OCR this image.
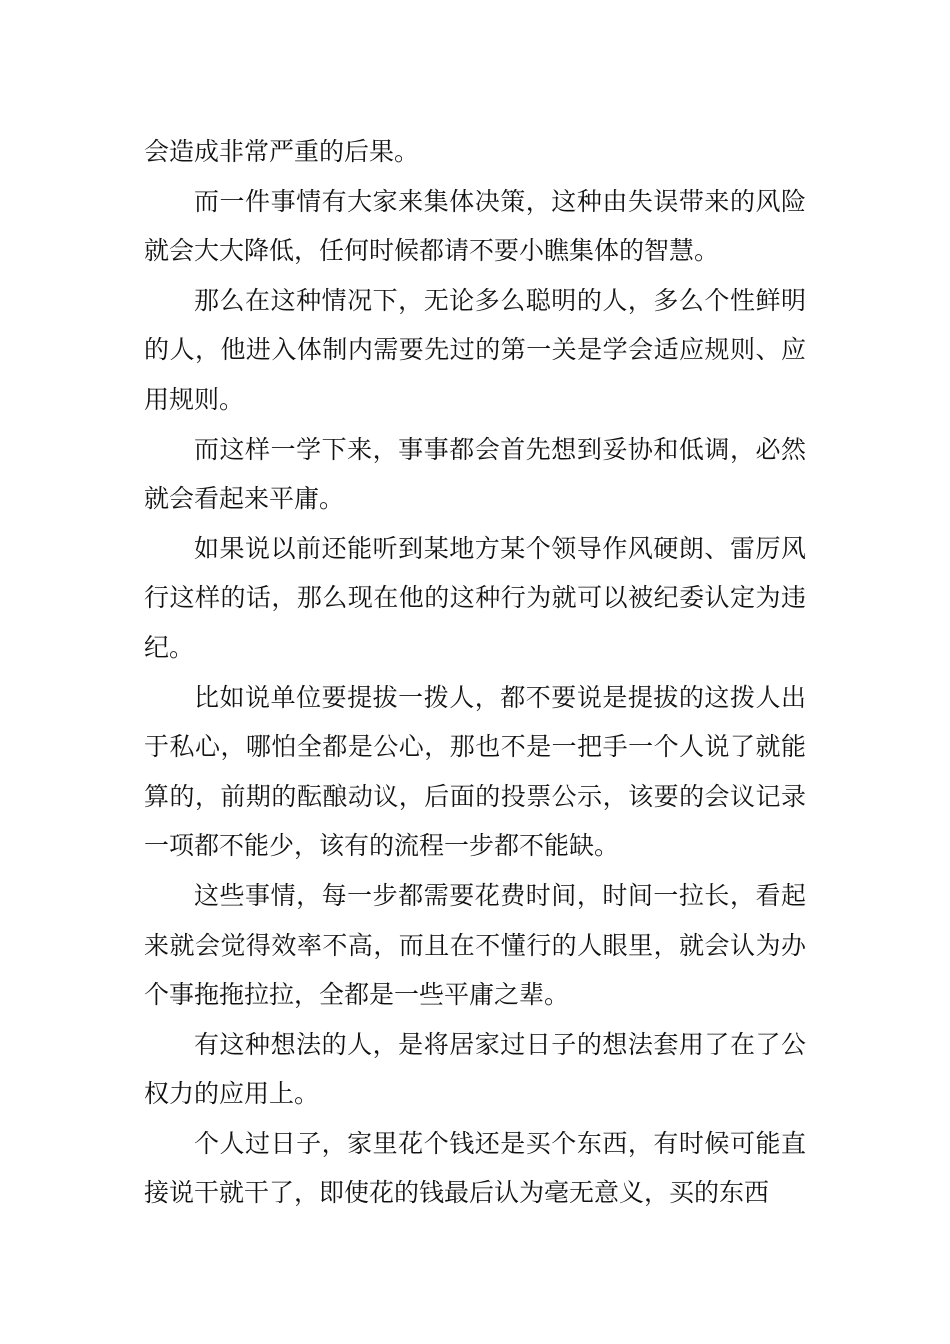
会造成非常严重的后果。

而一件事情有大家来集体决策，这种由失误带来的风险就会大大降低，任何时候都请不要小瞧集体的智慧。

那么在这种情况下，无论多么聪明的人，多么个性鲜明的人，他进入体制内需要先过的第一关是学会适应规则、应用规则。

而这样一学下来，事事都会首先想到妥协和低调，必然就会看起来平庸。

如果说以前还能听到某地方某个领导作风硬朗、雷厉风行这样的话，那么现在他的这种行为就可以被纪委认定为违纪。

比如说单位要提拔一拨人，都不要说是提拔的这拨人出于私心，哪怕全都是公心，那也不是一把手一个人说了就能算的，前期的酝酿动议，后面的投票公示，该要的会议记录一项都不能少，该有的流程一步都不能缺。

这些事情，每一步都需要花费时间，时间一拉长，看起来就会觉得效率不高，而且在不懂行的人眼里，就会认为办个事拖拖拉拉，全都是一些平庸之辈。

有这种想法的人，是将居家过日子的想法套用了在了公权力的应用上。

个人过日子，家里花个钱还是买个东西，有时候可能直接说干就干了，即使花的钱最后认为毫无意义，买的东西
